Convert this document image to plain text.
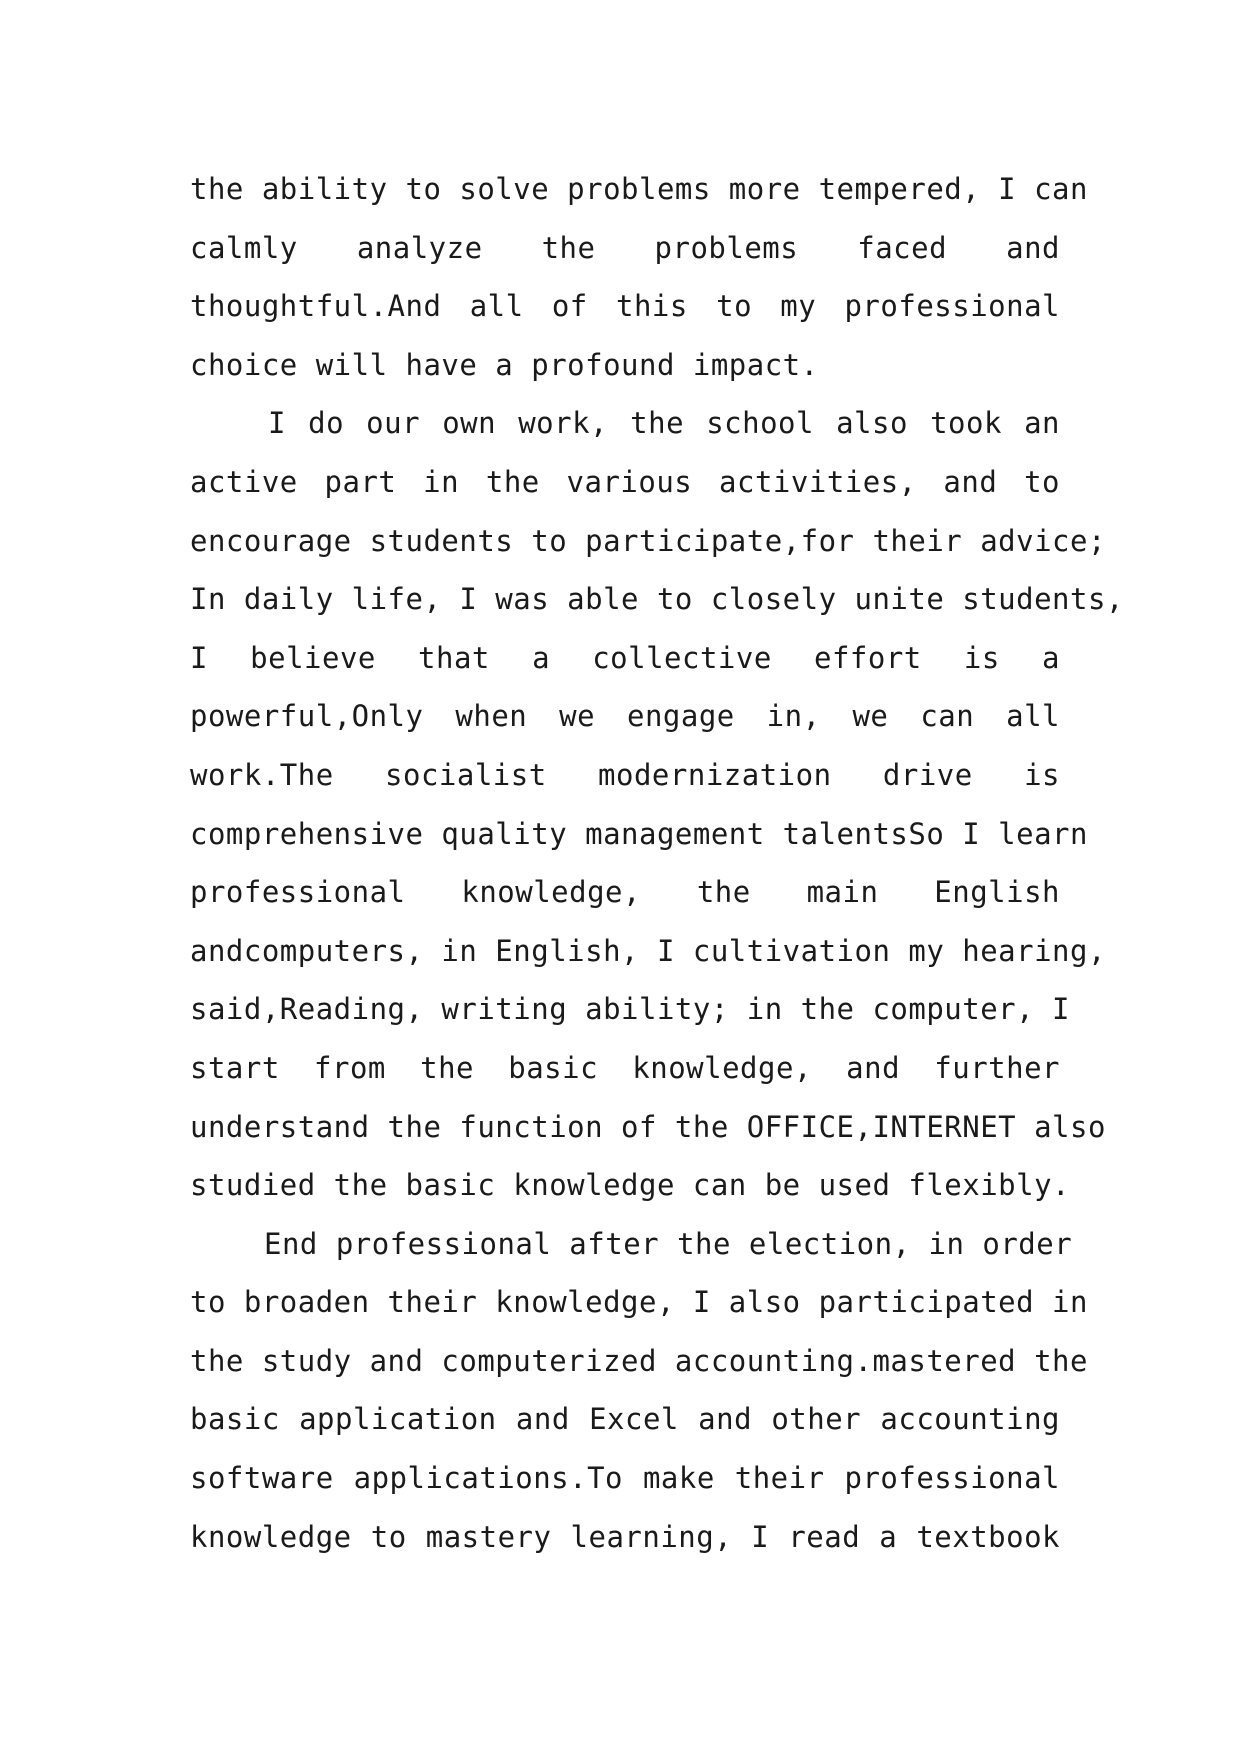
the ability to solve problems more tempered, I can
calmly analyze the problems faced and
thoughtful.And all of this to my professional
choice will have a profound impact.
I do our own work, the school also took an
active part in the various activities, and to
encourage students to participate,for their advice;
In daily life, I was able to closely unite students,
I believe that a collective effort is a
powerful,Only when we engage in, we can all
work.The socialist modernization drive is
comprehensive quality management talentsSo I learn
professional knowledge, the main English
andcomputers, in English, I cultivation my hearing,
said,Reading, writing ability; in the computer, I
start from the basic knowledge, and further
understand the function of the OFFICE,INTERNET also
studied the basic knowledge can be used flexibly.
End professional after the election, in order
to broaden their knowledge, I also participated in
the study and computerized accounting.mastered the
basic application and Excel and other accounting
software applications.To make their professional
knowledge to mastery learning, I read a textbook
